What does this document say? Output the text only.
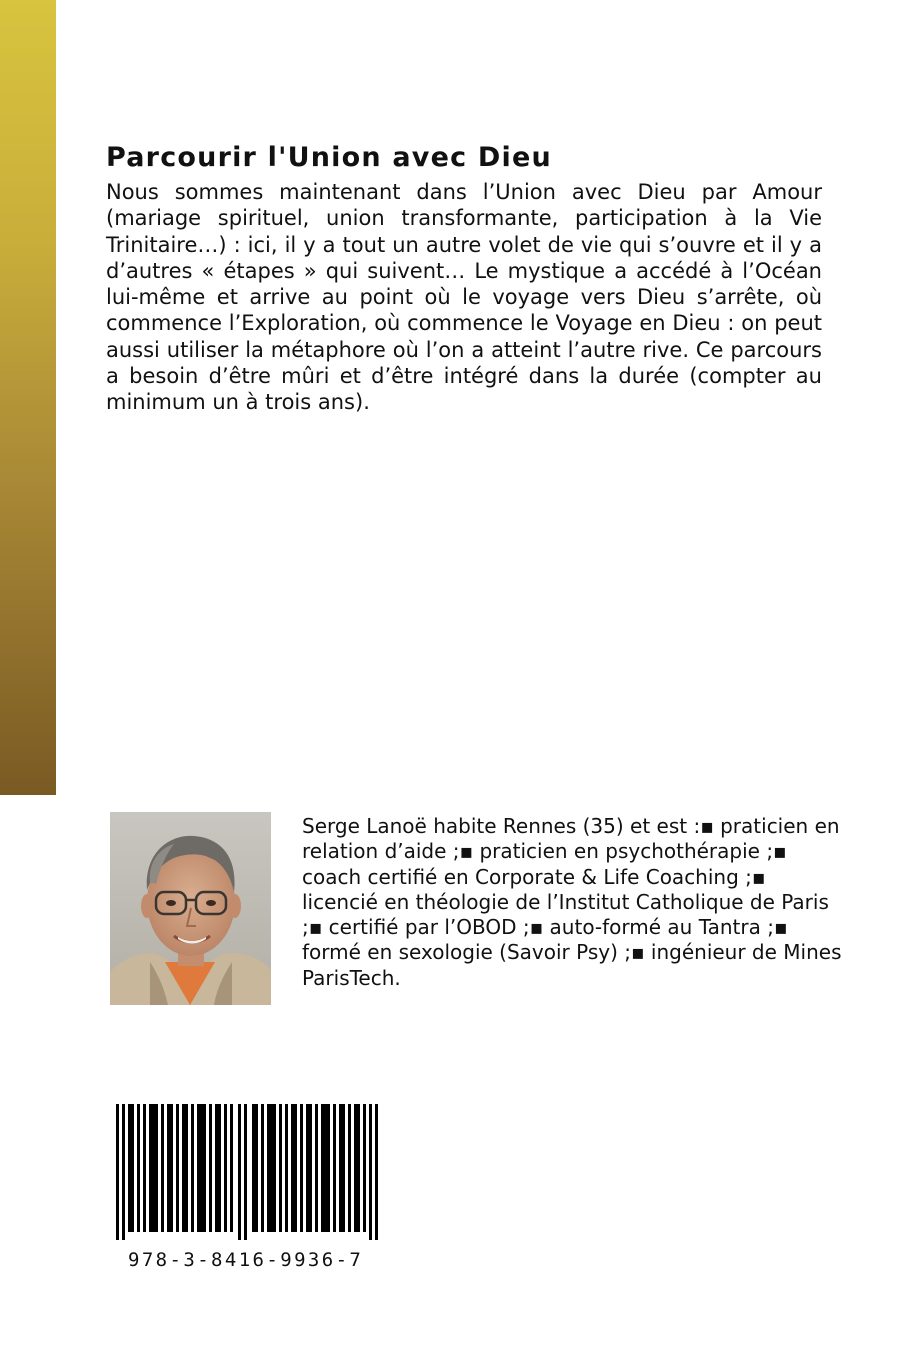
Parcourir l'Union avec Dieu

Nous sommes maintenant dans l’Union avec Dieu par Amour (mariage spirituel, union transformante, participation à la Vie Trinitaire…) : ici, il y a tout un autre volet de vie qui s’ouvre et il y a d’autres « étapes » qui suivent… Le mystique a accédé à l’Océan lui-même et arrive au point où le voyage vers Dieu s’arrête, où commence l’Exploration, où commence le Voyage en Dieu : on peut aussi utiliser la métaphore où l’on a atteint l’autre rive. Ce parcours a besoin d’être mûri et d’être intégré dans la durée (compter au minimum un à trois ans).

Serge Lanoë habite Rennes (35) et est :▪ praticien en relation d’aide ;▪ praticien en psychothérapie ;▪ coach certifié en Corporate & Life Coaching ;▪ licencié en théologie de l’Institut Catholique de Paris ;▪ certifié par l’OBOD ;▪ auto-formé au Tantra ;▪ formé en sexologie (Savoir Psy) ;▪ ingénieur de Mines ParisTech.

978-3-8416-9936-7
